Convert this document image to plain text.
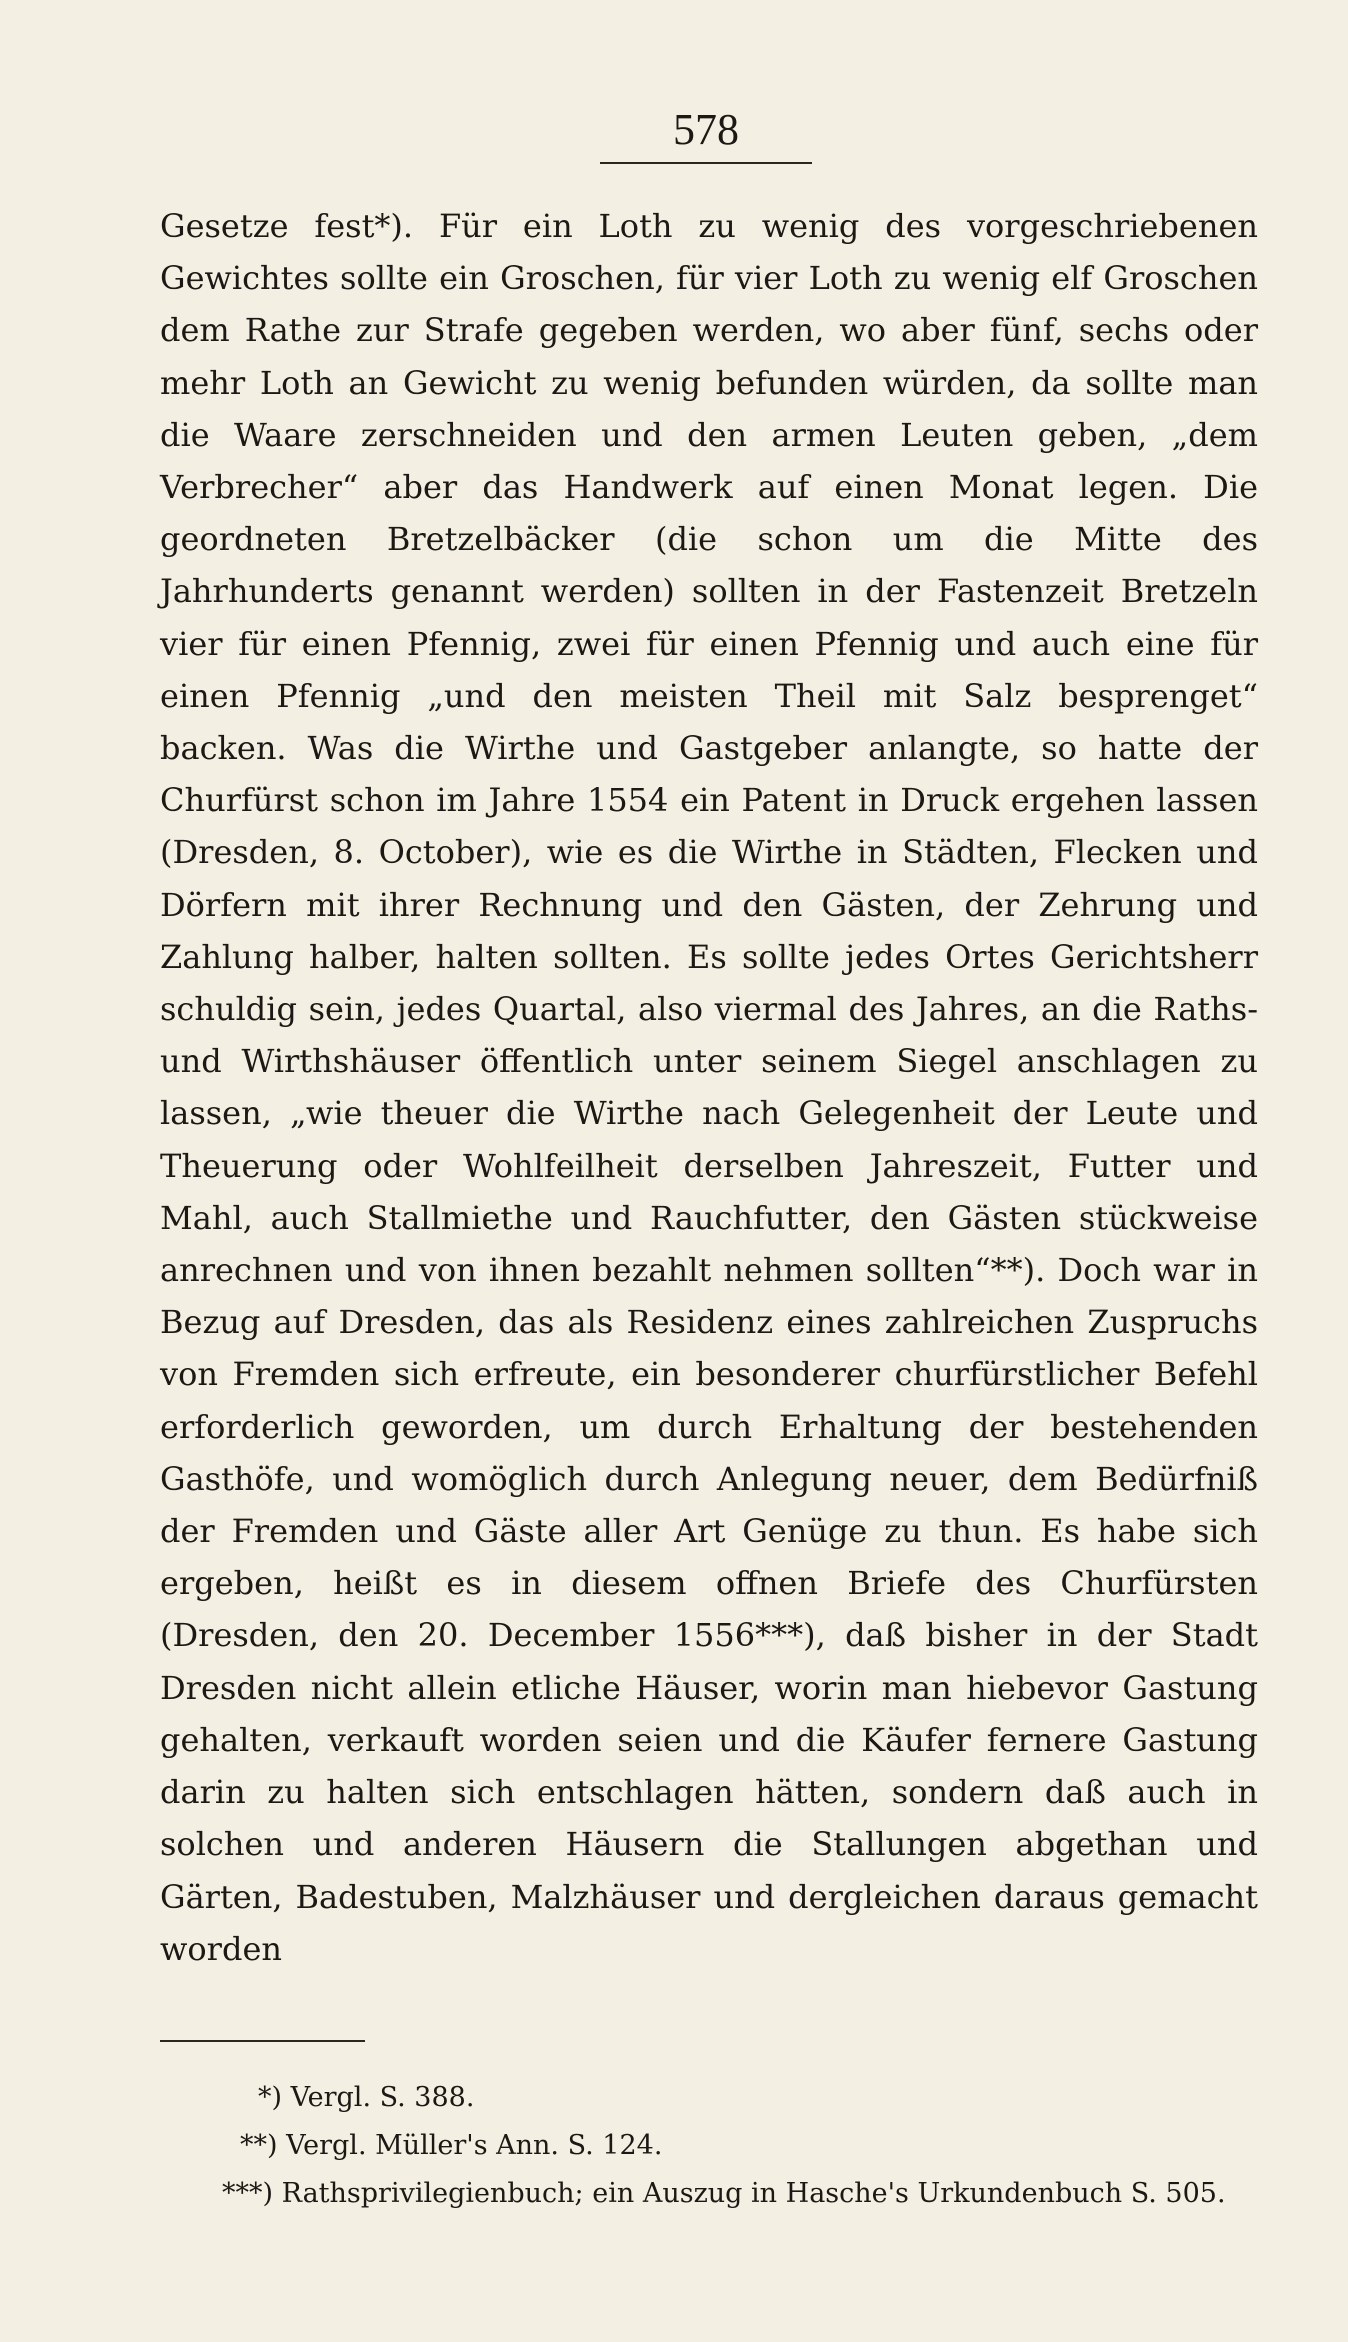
578

Gesetze fest*). Für ein Loth zu wenig des vorgeschriebenen Gewichtes sollte ein Groschen, für vier Loth zu wenig elf Groschen dem Rathe zur Strafe gegeben werden, wo aber fünf, sechs oder mehr Loth an Gewicht zu wenig befunden würden, da sollte man die Waare zerschneiden und den armen Leuten geben, „dem Verbrecher“ aber das Handwerk auf einen Monat legen. Die geordneten Bretzelbäcker (die schon um die Mitte des Jahrhunderts genannt werden) sollten in der Fastenzeit Bretzeln vier für einen Pfennig, zwei für einen Pfennig und auch eine für einen Pfennig „und den meisten Theil mit Salz besprenget“ backen. Was die Wirthe und Gastgeber anlangte, so hatte der Churfürst schon im Jahre 1554 ein Patent in Druck ergehen lassen (Dresden, 8. October), wie es die Wirthe in Städten, Flecken und Dörfern mit ihrer Rechnung und den Gästen, der Zehrung und Zahlung halber, halten sollten. Es sollte jedes Ortes Gerichtsherr schuldig sein, jedes Quartal, also viermal des Jahres, an die Raths- und Wirthshäuser öffentlich unter seinem Siegel anschlagen zu lassen, „wie theuer die Wirthe nach Gelegenheit der Leute und Theuerung oder Wohlfeilheit derselben Jahreszeit, Futter und Mahl, auch Stallmiethe und Rauchfutter, den Gästen stückweise anrechnen und von ihnen bezahlt nehmen sollten“**). Doch war in Bezug auf Dresden, das als Residenz eines zahlreichen Zuspruchs von Fremden sich erfreute, ein besonderer churfürstlicher Befehl erforderlich geworden, um durch Erhaltung der bestehenden Gasthöfe, und womöglich durch Anlegung neuer, dem Bedürfniß der Fremden und Gäste aller Art Genüge zu thun. Es habe sich ergeben, heißt es in diesem offnen Briefe des Churfürsten (Dresden, den 20. December 1556***), daß bisher in der Stadt Dresden nicht allein etliche Häuser, worin man hiebevor Gastung gehalten, verkauft worden seien und die Käufer fernere Gastung darin zu halten sich entschlagen hätten, sondern daß auch in solchen und anderen Häusern die Stallungen abgethan und Gärten, Badestuben, Malzhäuser und dergleichen daraus gemacht worden

*) Vergl. S. 388.
**) Vergl. Müller's Ann. S. 124.
***) Rathsprivilegienbuch; ein Auszug in Hasche's Urkundenbuch S. 505.
